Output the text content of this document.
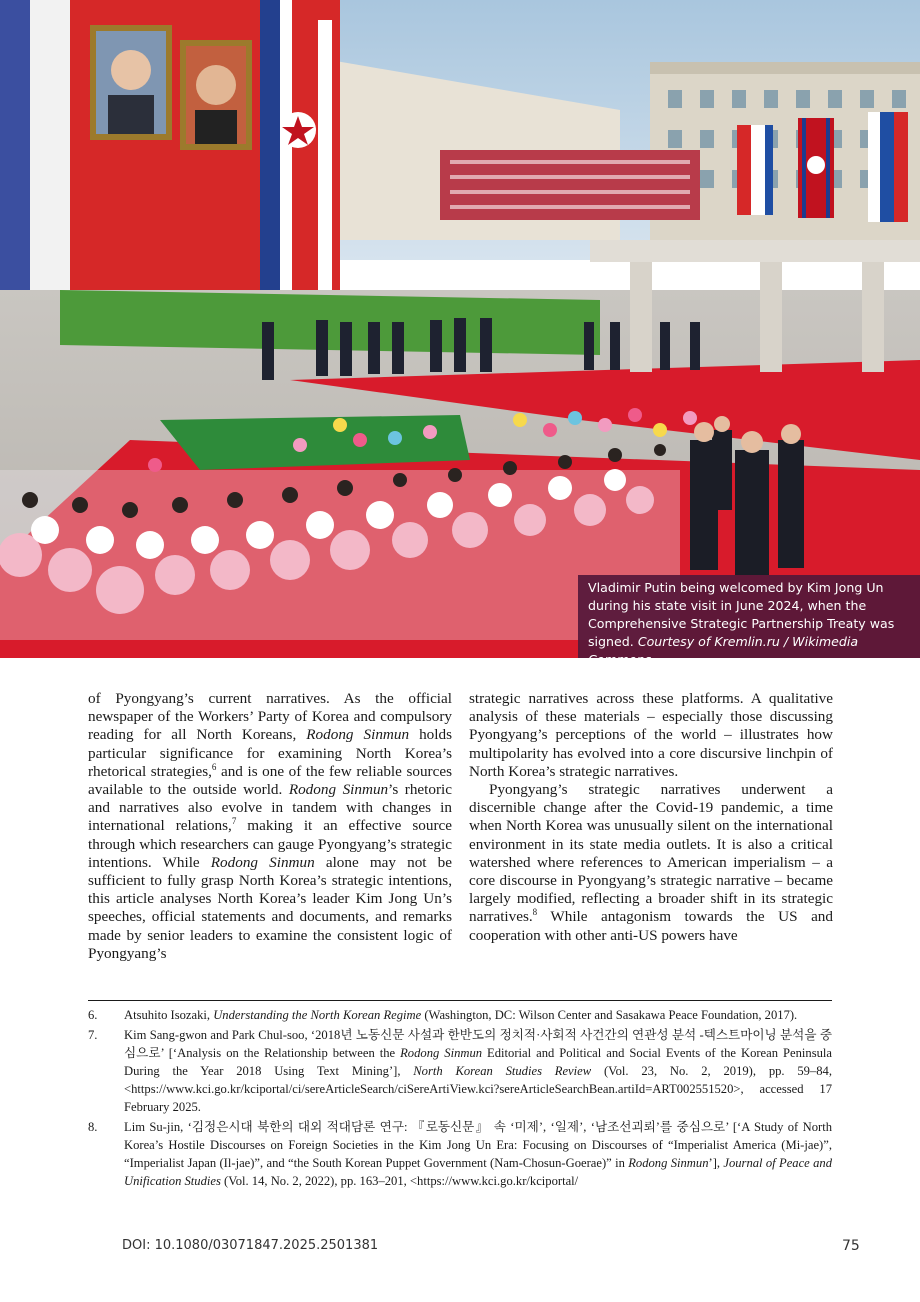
Vladimir Putin being welcomed by Kim Jong Un during his state visit in June 2024, when the Comprehensive Strategic Partnership Treaty was signed. Courtesy of Kremlin.ru / Wikimedia Commons

of Pyongyang’s current narratives. As the official newspaper of the Workers’ Party of Korea and compulsory reading for all North Koreans, Rodong Sinmun holds particular significance for examining North Korea’s rhetorical strategies,$^6$ and is one of the few reliable sources available to the outside world. Rodong Sinmun’s rhetoric and narratives also evolve in tandem with changes in international relations,$^7$ making it an effective source through which researchers can gauge Pyongyang’s strategic intentions. While Rodong Sinmun alone may not be sufficient to fully grasp North Korea’s strategic intentions, this article analyses North Korea’s leader Kim Jong Un’s speeches, official statements and documents, and remarks made by senior leaders to examine the consistent logic of Pyongyang’s

strategic narratives across these platforms. A qualitative analysis of these materials – especially those discussing Pyongyang’s perceptions of the world – illustrates how multipolarity has evolved into a core discursive linchpin of North Korea’s strategic narratives.

Pyongyang’s strategic narratives underwent a discernible change after the Covid-19 pandemic, a time when North Korea was unusually silent on the international environment in its state media outlets. It is also a critical watershed where references to American imperialism – a core discourse in Pyongyang’s strategic narrative – became largely modified, reflecting a broader shift in its strategic narratives.$^8$ While antagonism towards the US and cooperation with other anti-US powers have

6.	Atsuhito Isozaki, Understanding the North Korean Regime (Washington, DC: Wilson Center and Sasakawa Peace Foundation, 2017).
7.	Kim Sang-gwon and Park Chul-soo, ‘2018년 노동신문 사설과 한반도의 정치적·사회적 사건간의 연관성 분석 -텍스트마이닝 분석을 중심으로’ [‘Analysis on the Relationship between the Rodong Sinmun Editorial and Political and Social Events of the Korean Peninsula During the Year 2018 Using Text Mining’], North Korean Studies Review (Vol. 23, No. 2, 2019), pp. 59–84, <https://www.kci.go.kr/kciportal/ci/sereArticleSearch/ciSereArtiView.kci?sereArticleSearchBean.artiId=ART002551520>, accessed 17 February 2025.
8.	Lim Su-jin, ‘김정은시대 북한의 대외 적대담론 연구: 『로동신문』 속 ‘미제’, ‘일제’, ‘남조선괴뢰’를 중심으로’ [‘A Study of North Korea’s Hostile Discourses on Foreign Societies in the Kim Jong Un Era: Focusing on Discourses of “Imperialist America (Mi-jae)”, “Imperialist Japan (Il-jae)”, and “the South Korean Puppet Government (Nam-Chosun-Goerae)” in Rodong Sinmun’], Journal of Peace and Unification Studies (Vol. 14, No. 2, 2022), pp. 163–201, <https://www.kci.go.kr/kciportal/
DOI: 10.1080/03071847.2025.2501381	75
